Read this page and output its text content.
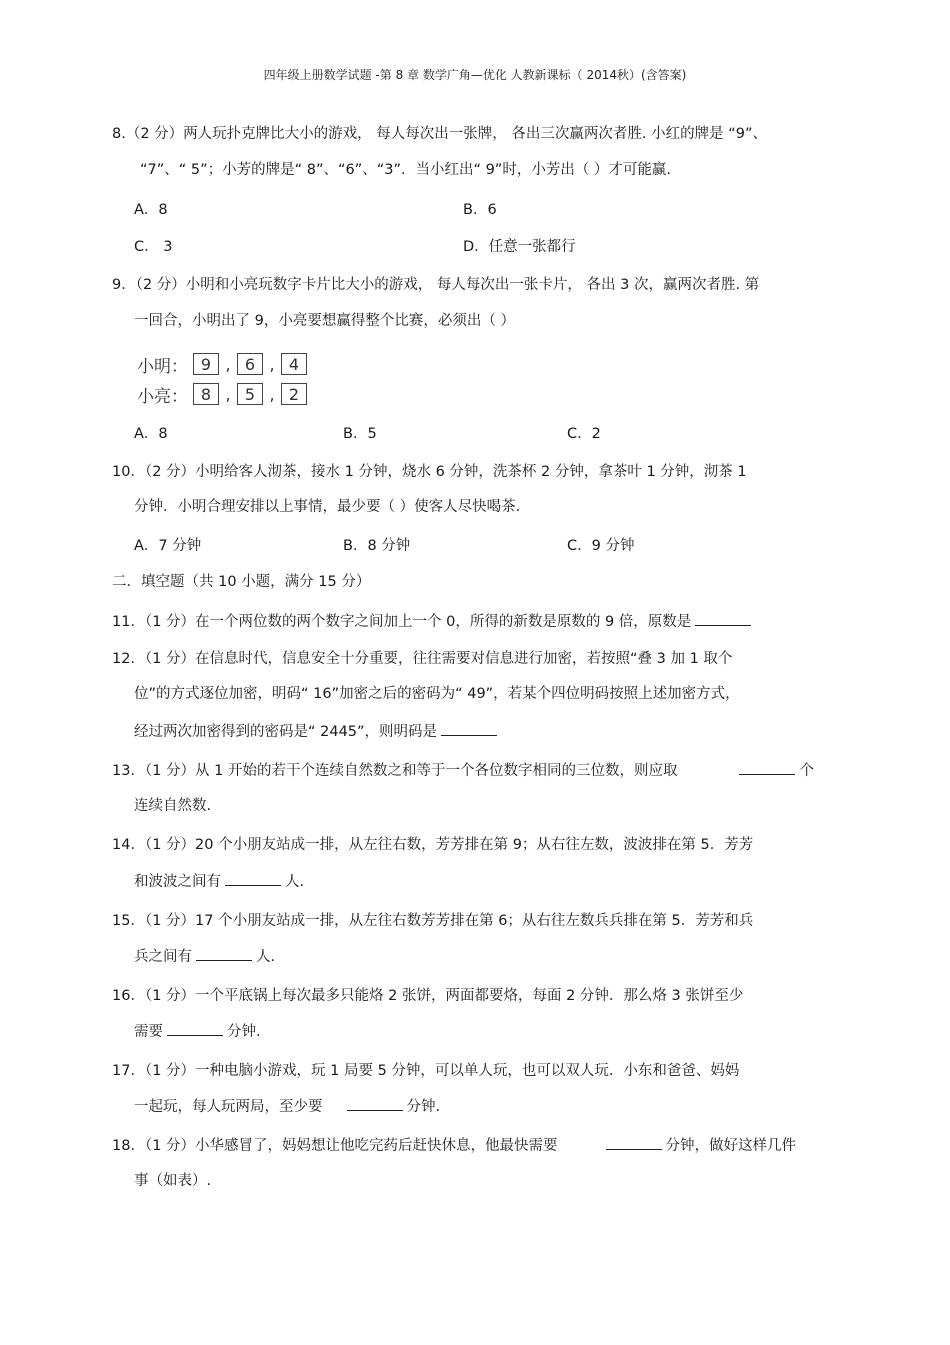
四年级上册数学试题 -第 8 章 数学广角—优化 人教新课标（ 2014秋）(含答案)
8.（2 分）两人玩扑克牌比大小的游戏， 每人每次出一张牌， 各出三次赢两次者胜. 小红的牌是 “9”、
“7”、“ 5”；小芳的牌是“ 8”、“6”、“3”．当小红出“ 9”时，小芳出（ ）才可能赢.
A．8	B．6
C． 3	D．任意一张都行
9．（2 分）小明和小亮玩数字卡片比大小的游戏， 每人每次出一张卡片， 各出 3 次，赢两次者胜. 第
一回合，小明出了 9，小亮要想赢得整个比赛，必须出（ ）
小明： 9 , 6 , 4
小亮： 8 , 5 , 2
A．8	B．5	C．2
10．（2 分）小明给客人沏茶，接水 1 分钟，烧水 6 分钟，洗茶杯 2 分钟，拿茶叶 1 分钟，沏茶 1
分钟．小明合理安排以上事情，最少要（ ）使客人尽快喝茶.
A．7 分钟	B．8 分钟	C．9 分钟
二．填空题（共 10 小题，满分 15 分）
11．（1 分）在一个两位数的两个数字之间加上一个 0，所得的新数是原数的 9 倍，原数是
12．（1 分）在信息时代，信息安全十分重要，往往需要对信息进行加密，若按照“叠 3 加 1 取个
位”的方式逐位加密，明码“ 16”加密之后的密码为“ 49”，若某个四位明码按照上述加密方式，
经过两次加密得到的密码是“ 2445”，则明码是
13．（1 分）从 1 开始的若干个连续自然数之和等于一个各位数字相同的三位数，则应取	个
连续自然数.
14．（1 分）20 个小朋友站成一排，从左往右数，芳芳排在第 9；从右往左数，波波排在第 5．芳芳
和波波之间有	人.
15．（1 分）17 个小朋友站成一排，从左往右数芳芳排在第 6；从右往左数兵兵排在第 5．芳芳和兵
兵之间有	人.
16．（1 分）一个平底锅上每次最多只能烙 2 张饼，两面都要烙，每面 2 分钟．那么烙 3 张饼至少
需要	分钟.
17．（1 分）一种电脑小游戏，玩 1 局要 5 分钟，可以单人玩，也可以双人玩．小东和爸爸、妈妈
一起玩，每人玩两局，至少要	分钟.
18．（1 分）小华感冒了，妈妈想让他吃完药后赶快休息，他最快需要	分钟，做好这样几件
事（如表）.
